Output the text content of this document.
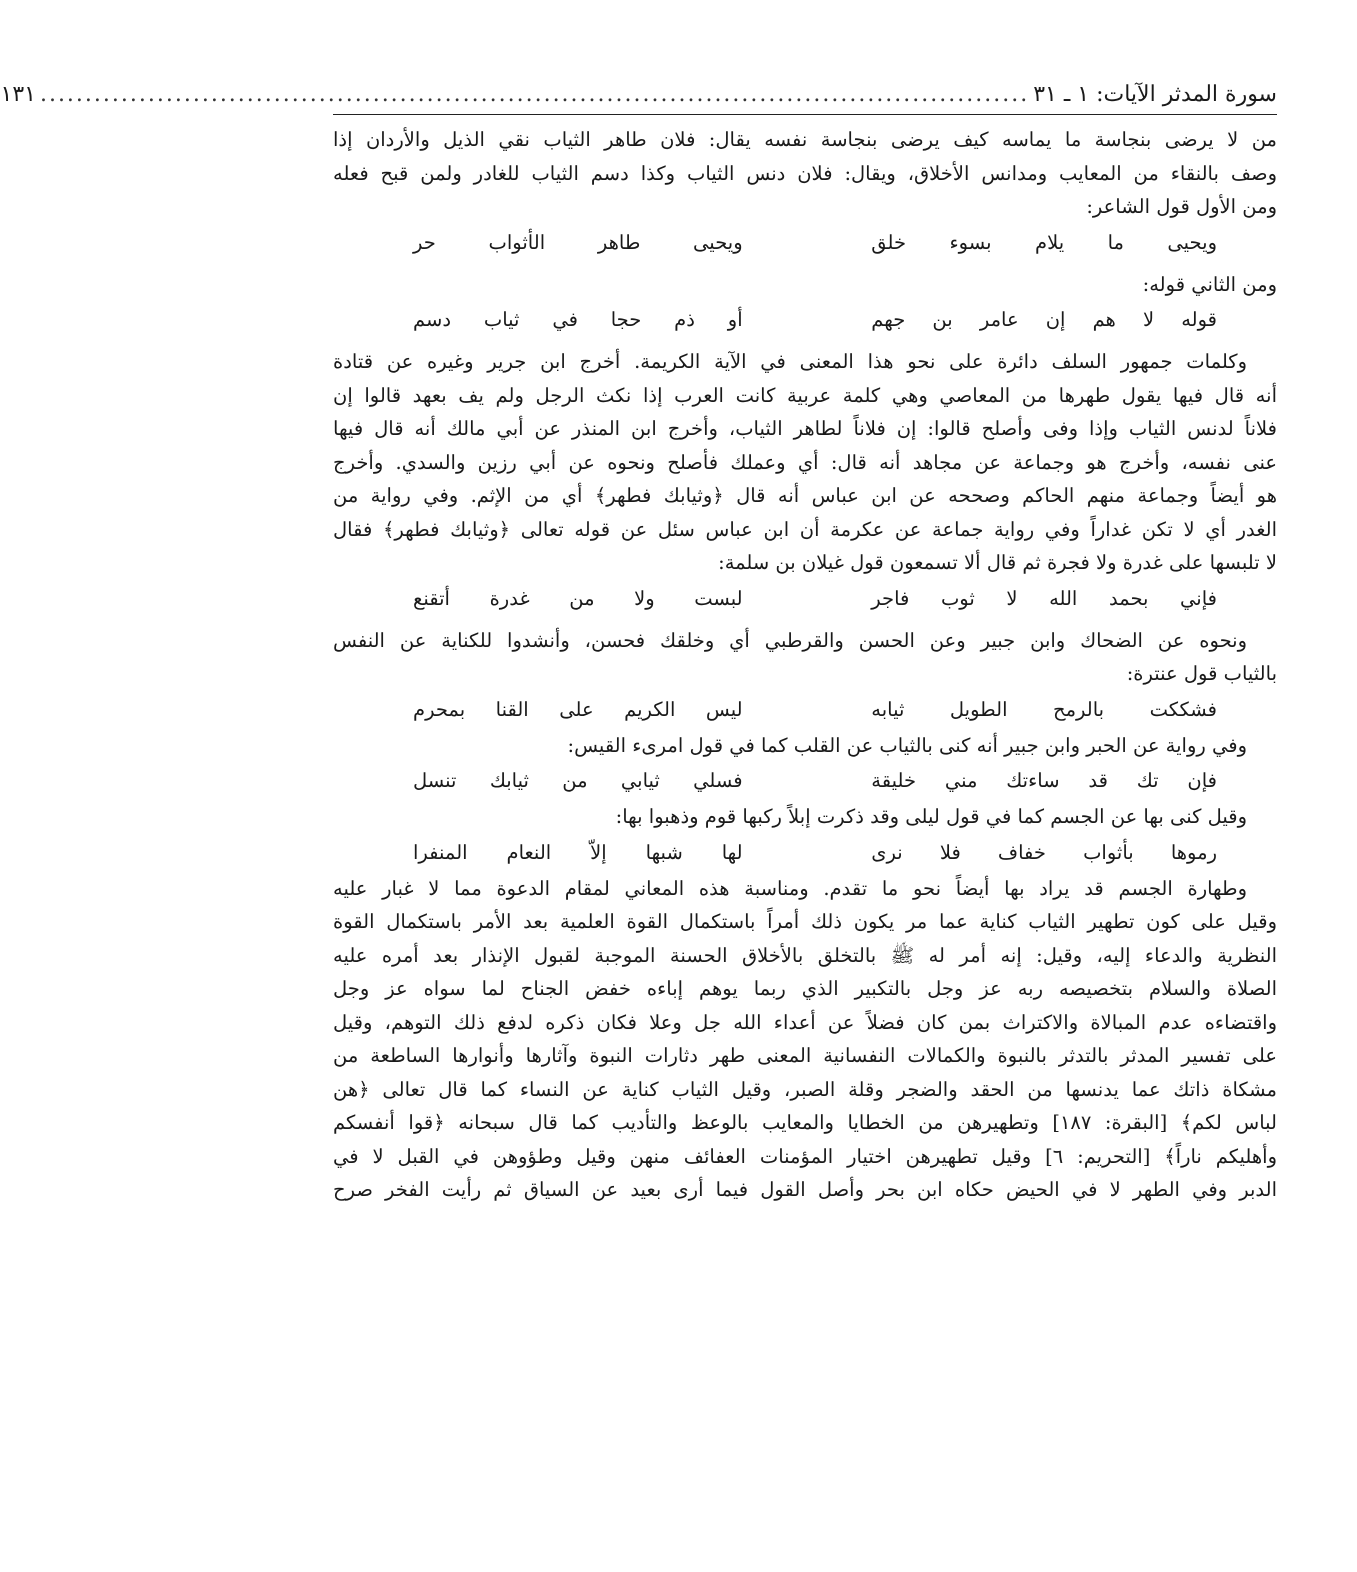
سورة المدثر الآيات: ١ ـ ٣١
..............................................................................................................
١٣١
من لا يرضى بنجاسة ما يماسه كيف يرضى بنجاسة نفسه يقال: فلان طاهر الثياب نقي الذيل والأردان إذا
وصف بالنقاء من المعايب ومدانس الأخلاق، ويقال: فلان دنس الثياب وكذا دسم الثياب للغادر ولمن قبح فعله
ومن الأول قول الشاعر:
ويحيى ما يلام بسوء خلق
ويحيى طاهر الأثواب حر
ومن الثاني قوله:
قوله لا هم إن عامر بن جهم
أو ذم حجا في ثياب دسم
وكلمات جمهور السلف دائرة على نحو هذا المعنى في الآية الكريمة. أخرج ابن جرير وغيره عن قتادة
أنه قال فيها يقول طهرها من المعاصي وهي كلمة عربية كانت العرب إذا نكث الرجل ولم يف بعهد قالوا إن
فلاناً لدنس الثياب وإذا وفى وأصلح قالوا: إن فلاناً لطاهر الثياب، وأخرج ابن المنذر عن أبي مالك أنه قال فيها
عنى نفسه، وأخرج هو وجماعة عن مجاهد أنه قال: أي وعملك فأصلح ونحوه عن أبي رزين والسدي. وأخرج
هو أيضاً وجماعة منهم الحاكم وصححه عن ابن عباس أنه قال ﴿وثيابك فطهر﴾ أي من الإثم. وفي رواية من
الغدر أي لا تكن غداراً وفي رواية جماعة عن عكرمة أن ابن عباس سئل عن قوله تعالى ﴿وثيابك فطهر﴾ فقال
لا تلبسها على غدرة ولا فجرة ثم قال ألا تسمعون قول غيلان بن سلمة:
فإني بحمد الله لا ثوب فاجر
لبست ولا من غدرة أتقنع
ونحوه عن الضحاك وابن جبير وعن الحسن والقرطبي أي وخلقك فحسن، وأنشدوا للكناية عن النفس
بالثياب قول عنترة:
فشككت بالرمح الطويل ثيابه
ليس الكريم على القنا بمحرم
وفي رواية عن الحبر وابن جبير أنه كنى بالثياب عن القلب كما في قول امرىء القيس:
فإن تك قد ساءتك مني خليقة
فسلي ثيابي من ثيابك تنسل
وقيل كنى بها عن الجسم كما في قول ليلى وقد ذكرت إبلاً ركبها قوم وذهبوا بها:
رموها بأثواب خفاف فلا نرى
لها شبها إلاّ النعام المنفرا
وطهارة الجسم قد يراد بها أيضاً نحو ما تقدم. ومناسبة هذه المعاني لمقام الدعوة مما لا غبار عليه
وقيل على كون تطهير الثياب كناية عما مر يكون ذلك أمراً باستكمال القوة العلمية بعد الأمر باستكمال القوة
النظرية والدعاء إليه، وقيل: إنه أمر له ﷺ بالتخلق بالأخلاق الحسنة الموجبة لقبول الإنذار بعد أمره عليه
الصلاة والسلام بتخصيصه ربه عز وجل بالتكبير الذي ربما يوهم إباءه خفض الجناح لما سواه عز وجل
واقتضاءه عدم المبالاة والاكتراث بمن كان فضلاً عن أعداء الله جل وعلا فكان ذكره لدفع ذلك التوهم، وقيل
على تفسير المدثر بالتدثر بالنبوة والكمالات النفسانية المعنى طهر دثارات النبوة وآثارها وأنوارها الساطعة من
مشكاة ذاتك عما يدنسها من الحقد والضجر وقلة الصبر، وقيل الثياب كناية عن النساء كما قال تعالى ﴿هن
لباس لكم﴾ [البقرة: ١٨٧] وتطهيرهن من الخطايا والمعايب بالوعظ والتأديب كما قال سبحانه ﴿قوا أنفسكم
وأهليكم ناراً﴾ [التحريم: ٦] وقيل تطهيرهن اختيار المؤمنات العفائف منهن وقيل وطؤوهن في القبل لا في
الدبر وفي الطهر لا في الحيض حكاه ابن بحر وأصل القول فيما أرى بعيد عن السياق ثم رأيت الفخر صرح
